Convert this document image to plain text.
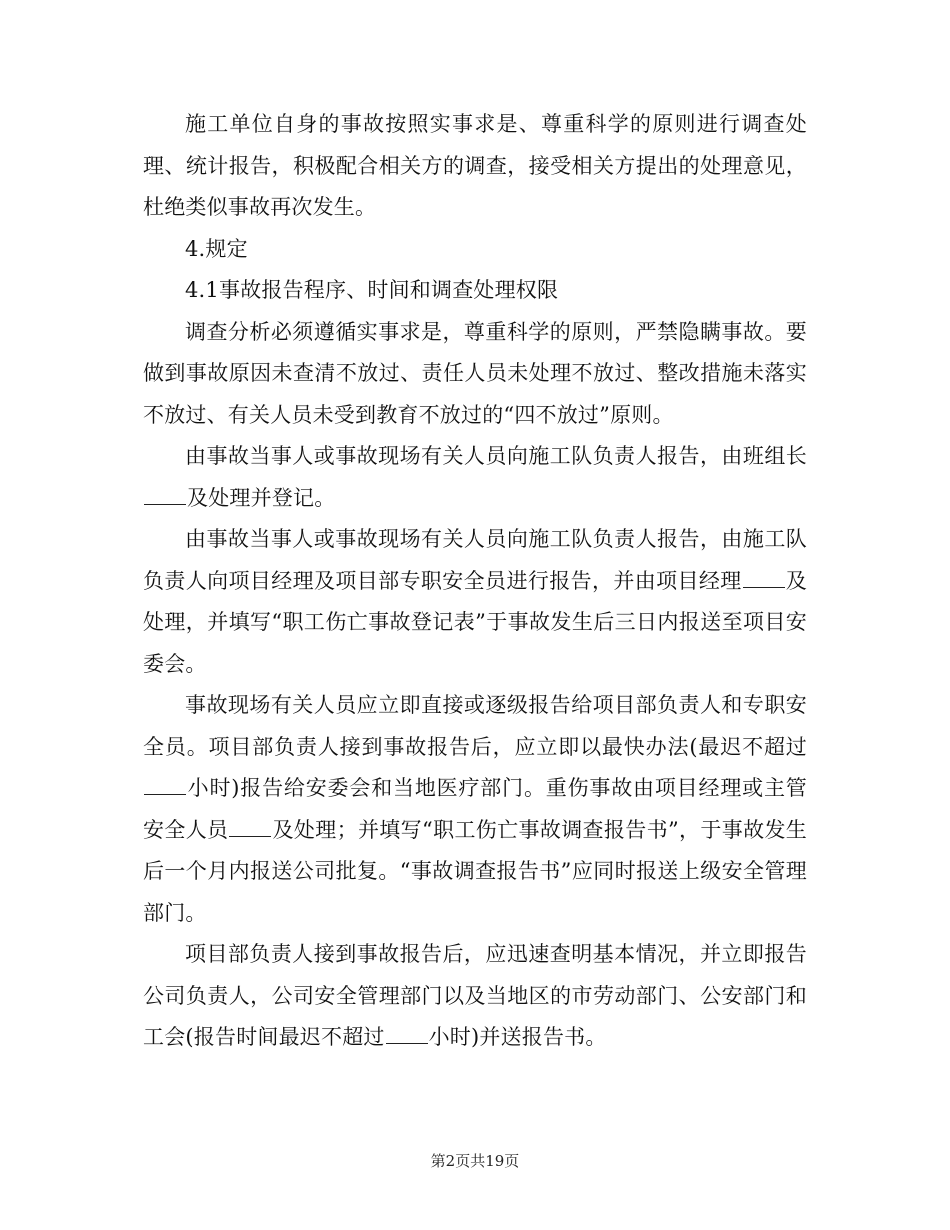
施工单位自身的事故按照实事求是、尊重科学的原则进行调查处理、统计报告，积极配合相关方的调查，接受相关方提出的处理意见，杜绝类似事故再次发生。

4.规定

4.1事故报告程序、时间和调查处理权限

调查分析必须遵循实事求是，尊重科学的原则，严禁隐瞒事故。要做到事故原因未查清不放过、责任人员未处理不放过、整改措施未落实不放过、有关人员未受到教育不放过的“四不放过”原则。

由事故当事人或事故现场有关人员向施工队负责人报告，由班组长及处理并登记。

由事故当事人或事故现场有关人员向施工队负责人报告，由施工队负责人向项目经理及项目部专职安全员进行报告，并由项目经理 及处理，并填写“职工伤亡事故登记表”于事故发生后三日内报送至项目安委会。

事故现场有关人员应立即直接或逐级报告给项目部负责人和专职安全员。项目部负责人接到事故报告后，应立即以最快办法(最迟不超过小时)报告给安委会和当地医疗部门。重伤事故由项目经理或主管安全人员 及处理；并填写“职工伤亡事故调查报告书”，于事故发生后一个月内报送公司批复。“事故调查报告书”应同时报送上级安全管理部门。

项目部负责人接到事故报告后，应迅速查明基本情况，并立即报告公司负责人，公司安全管理部门以及当地区的市劳动部门、公安部门和工会(报告时间最迟不超过 小时)并送报告书。

第2页共19页
